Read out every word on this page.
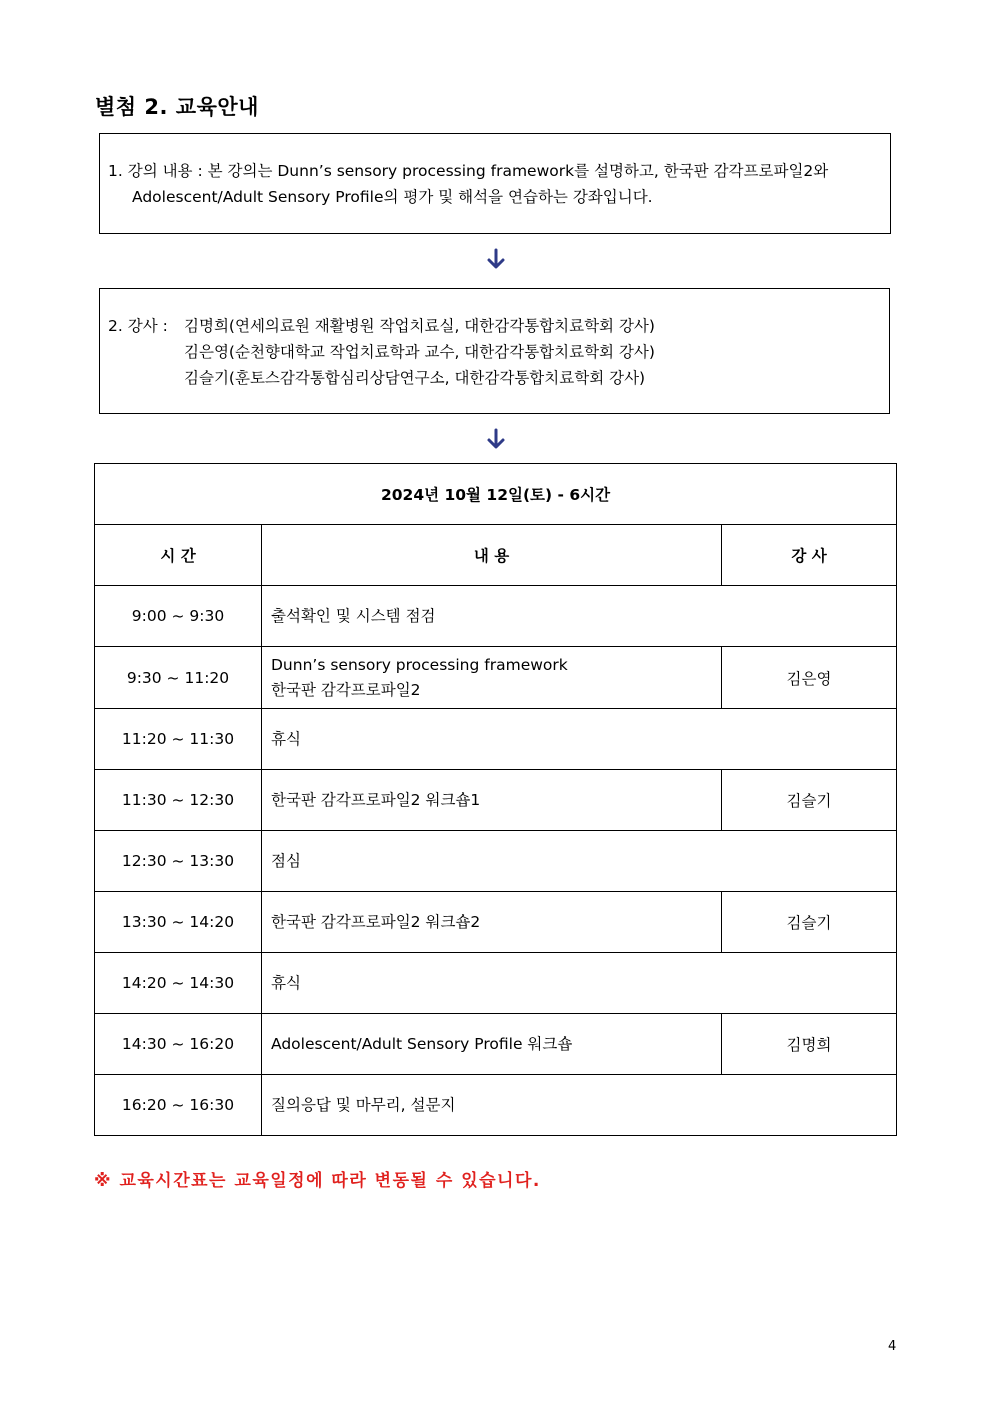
별첨 2. 교육안내
1. 강의 내용 : 본 강의는 Dunn’s sensory processing framework를 설명하고, 한국판 감각프로파일2와
Adolescent/Adult Sensory Profile의 평가 및 해석을 연습하는 강좌입니다.
2. 강사 :	김명희(연세의료원 재활병원 작업치료실, 대한감각통합치료학회 강사)
김은영(순천향대학교 작업치료학과 교수, 대한감각통합치료학회 강사)
김슬기(훈토스감각통합심리상담연구소, 대한감각통합치료학회 강사)
2024년 10월 12일(토) - 6시간		
시 간	내 용	강 사
9:00 ~ 9:30	출석확인 및 시스템 점검	

9:30 ~ 11:20	Dunn’s sensory processing framework
한국판 감각프로파일2	김은영
11:20 ~ 11:30	휴식	

11:30 ~ 12:30	한국판 감각프로파일2 워크숍1	김슬기
12:30 ~ 13:30	점심	

13:30 ~ 14:20	한국판 감각프로파일2 워크숍2	김슬기
14:20 ~ 14:30	휴식	

14:30 ~ 16:20	Adolescent/Adult Sensory Profile 워크숍	김명희
16:20 ~ 16:30	질의응답 및 마무리, 설문지	
※ 교육시간표는 교육일정에 따라 변동될 수 있습니다.
4
